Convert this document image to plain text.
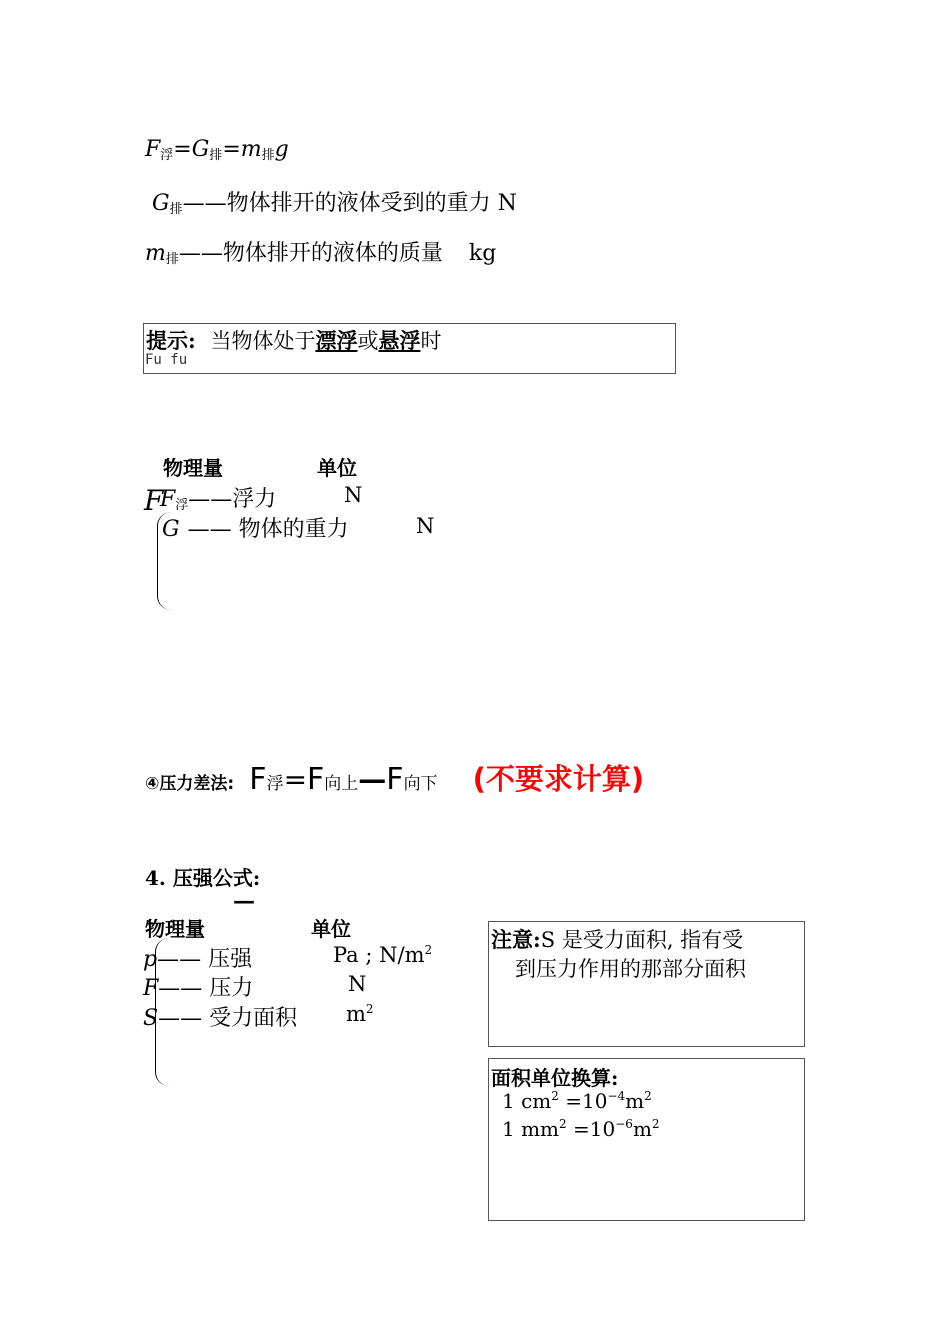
F浮=G排=m排g
G排——物体排开的液体受到的重力 N
m排——物体排开的液体的质量 kg
提示: 当物体处于漂浮或悬浮时
Fu fu
物理量	单位
F
F浮——浮力	N
G —— 物体的重力	N
④压力差法: F浮=F向上—F向下 (不要求计算)
4. 压强公式:
—
物理量	单位
p—— 压强	Pa ; $N/m^2$
F—— 压力	N
S—— 受力面积 $m^2$
注意:S 是受力面积, 指有受
到压力作用的那部分面积
面积单位换算:
1 $cm^2 =10^{-4}m^2$
1 $mm^2 =10^{-6}m^2$
